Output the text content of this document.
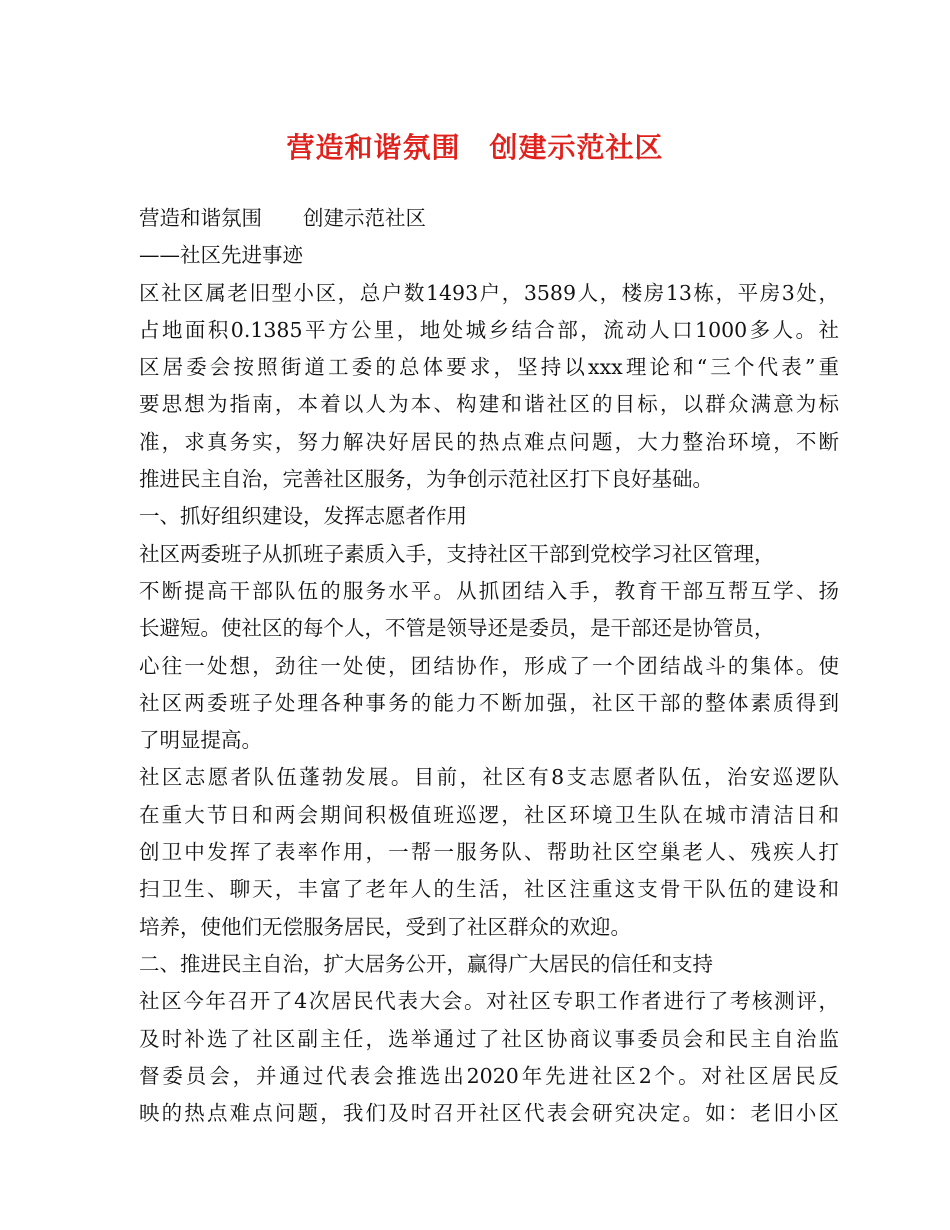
营造和谐氛围　创建示范社区
营造和谐氛围　　创建示范社区
——社区先进事迹
区社区属老旧型小区，总户数1493户，3589人，楼房13栋，平房3处，
占地面积0.1385平方公里，地处城乡结合部，流动人口1000多人。社
区居委会按照街道工委的总体要求，坚持以xxx理论和“三个代表”重
要思想为指南，本着以人为本、构建和谐社区的目标，以群众满意为标
准，求真务实，努力解决好居民的热点难点问题，大力整治环境，不断
推进民主自治，完善社区服务，为争创示范社区打下良好基础。
一、抓好组织建设，发挥志愿者作用
社区两委班子从抓班子素质入手，支持社区干部到党校学习社区管理，
不断提高干部队伍的服务水平。从抓团结入手，教育干部互帮互学、扬
长避短。使社区的每个人，不管是领导还是委员，是干部还是协管员，
心往一处想，劲往一处使，团结协作，形成了一个团结战斗的集体。使
社区两委班子处理各种事务的能力不断加强，社区干部的整体素质得到
了明显提高。
社区志愿者队伍蓬勃发展。目前，社区有8支志愿者队伍，治安巡逻队
在重大节日和两会期间积极值班巡逻，社区环境卫生队在城市清洁日和
创卫中发挥了表率作用，一帮一服务队、帮助社区空巢老人、残疾人打
扫卫生、聊天，丰富了老年人的生活，社区注重这支骨干队伍的建设和
培养，使他们无偿服务居民，受到了社区群众的欢迎。
二、推进民主自治，扩大居务公开，赢得广大居民的信任和支持
社区今年召开了4次居民代表大会。对社区专职工作者进行了考核测评，
及时补选了社区副主任，选举通过了社区协商议事委员会和民主自治监
督委员会，并通过代表会推选出2020年先进社区2个。对社区居民反
映的热点难点问题，我们及时召开社区代表会研究决定。如：老旧小区
